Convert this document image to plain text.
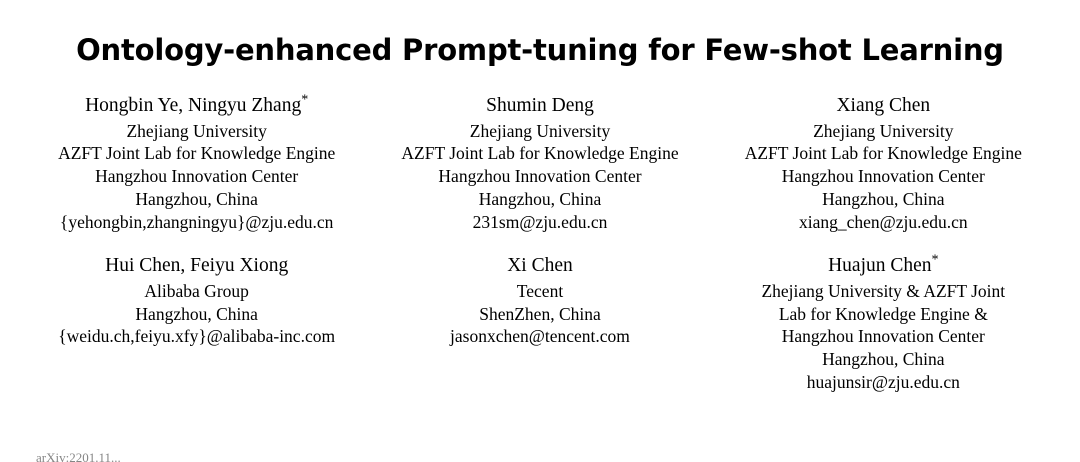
Ontology-enhanced Prompt-tuning for Few-shot Learning
Hongbin Ye, Ningyu Zhang*
Zhejiang University
AZFT Joint Lab for Knowledge Engine
Hangzhou Innovation Center
Hangzhou, China
{yehongbin,zhangningyu}@zju.edu.cn
Shumin Deng
Zhejiang University
AZFT Joint Lab for Knowledge Engine
Hangzhou Innovation Center
Hangzhou, China
231sm@zju.edu.cn
Xiang Chen
Zhejiang University
AZFT Joint Lab for Knowledge Engine
Hangzhou Innovation Center
Hangzhou, China
xiang_chen@zju.edu.cn
Hui Chen, Feiyu Xiong
Alibaba Group
Hangzhou, China
{weidu.ch,feiyu.xfy}@alibaba-inc.com
Xi Chen
Tecent
ShenZhen, China
jasonxchen@tencent.com
Huajun Chen*
Zhejiang University & AZFT Joint
Lab for Knowledge Engine &
Hangzhou Innovation Center
Hangzhou, China
huajunsir@zju.edu.cn
arXiv:2201.11...
